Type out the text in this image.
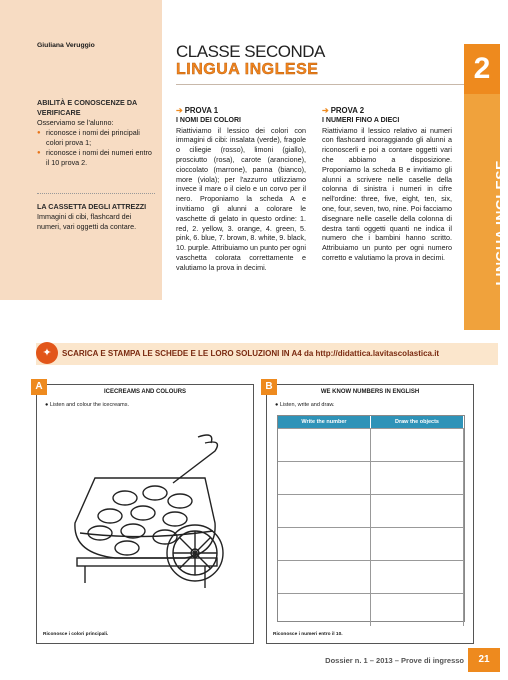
Giuliana Veruggio
ABILITÀ E CONOSCENZE DA VERIFICARE
Osserviamo se l'alunno:
● riconosce i nomi dei principali colori prova 1;
● riconosce i nomi dei numeri entro il 10 prova 2.
LA CASSETTA DEGLI ATTREZZI
Immagini di cibi, flashcard dei numeri, vari oggetti da contare.
CLASSE SECONDA
LINGUA INGLESE	2
LINGUA INGLESE
➔ PROVA 1
I NOMI DEI COLORI
Riattiviamo il lessico dei colori con immagini di cibi: insalata (verde), fragole o ciliegie (rosso), limoni (giallo), prosciutto (rosa), carote (arancione), cioccolato (marrone), panna (bianco), more (viola); per l'azzurro utilizziamo invece il mare o il cielo e un corvo per il nero. Proponiamo la scheda A e invitiamo gli alunni a colorare le vaschette di gelato in questo ordine: 1. red, 2. yellow, 3. orange, 4. green, 5. pink, 6. blue, 7. brown, 8. white, 9. black, 10. purple. Attribuiamo un punto per ogni vaschetta colorata correttamente e valutiamo la prova in decimi.
➔ PROVA 2
I NUMERI FINO A DIECI
Riattiviamo il lessico relativo ai numeri con flashcard incoraggiando gli alunni a riconoscerli e poi a contare oggetti vari che abbiamo a disposizione. Proponiamo la scheda B e invitiamo gli alunni a scrivere nelle caselle della colonna di sinistra i numeri in cifre nell'ordine: three, five, eight, ten, six, one, four, seven, two, nine. Poi facciamo disegnare nelle caselle della colonna di destra tanti oggetti quanti ne indica il numero che i bambini hanno scritto. Attribuiamo un punto per ogni numero corretto e valutiamo la prova in decimi.
✦	SCARICA E STAMPA LE SCHEDE E LE LORO SOLUZIONI IN A4 da http://didattica.lavitascolastica.it
A	ICECREAMS AND COLOURS
● Listen and colour the icecreams.
Riconosce i colori principali.
B	WE KNOW NUMBERS IN ENGLISH
● Listen, write and draw.
Write the number	Draw the objects
Riconosce i numeri entro il 10.
Dossier n. 1 – 2013 – Prove di ingresso	21
